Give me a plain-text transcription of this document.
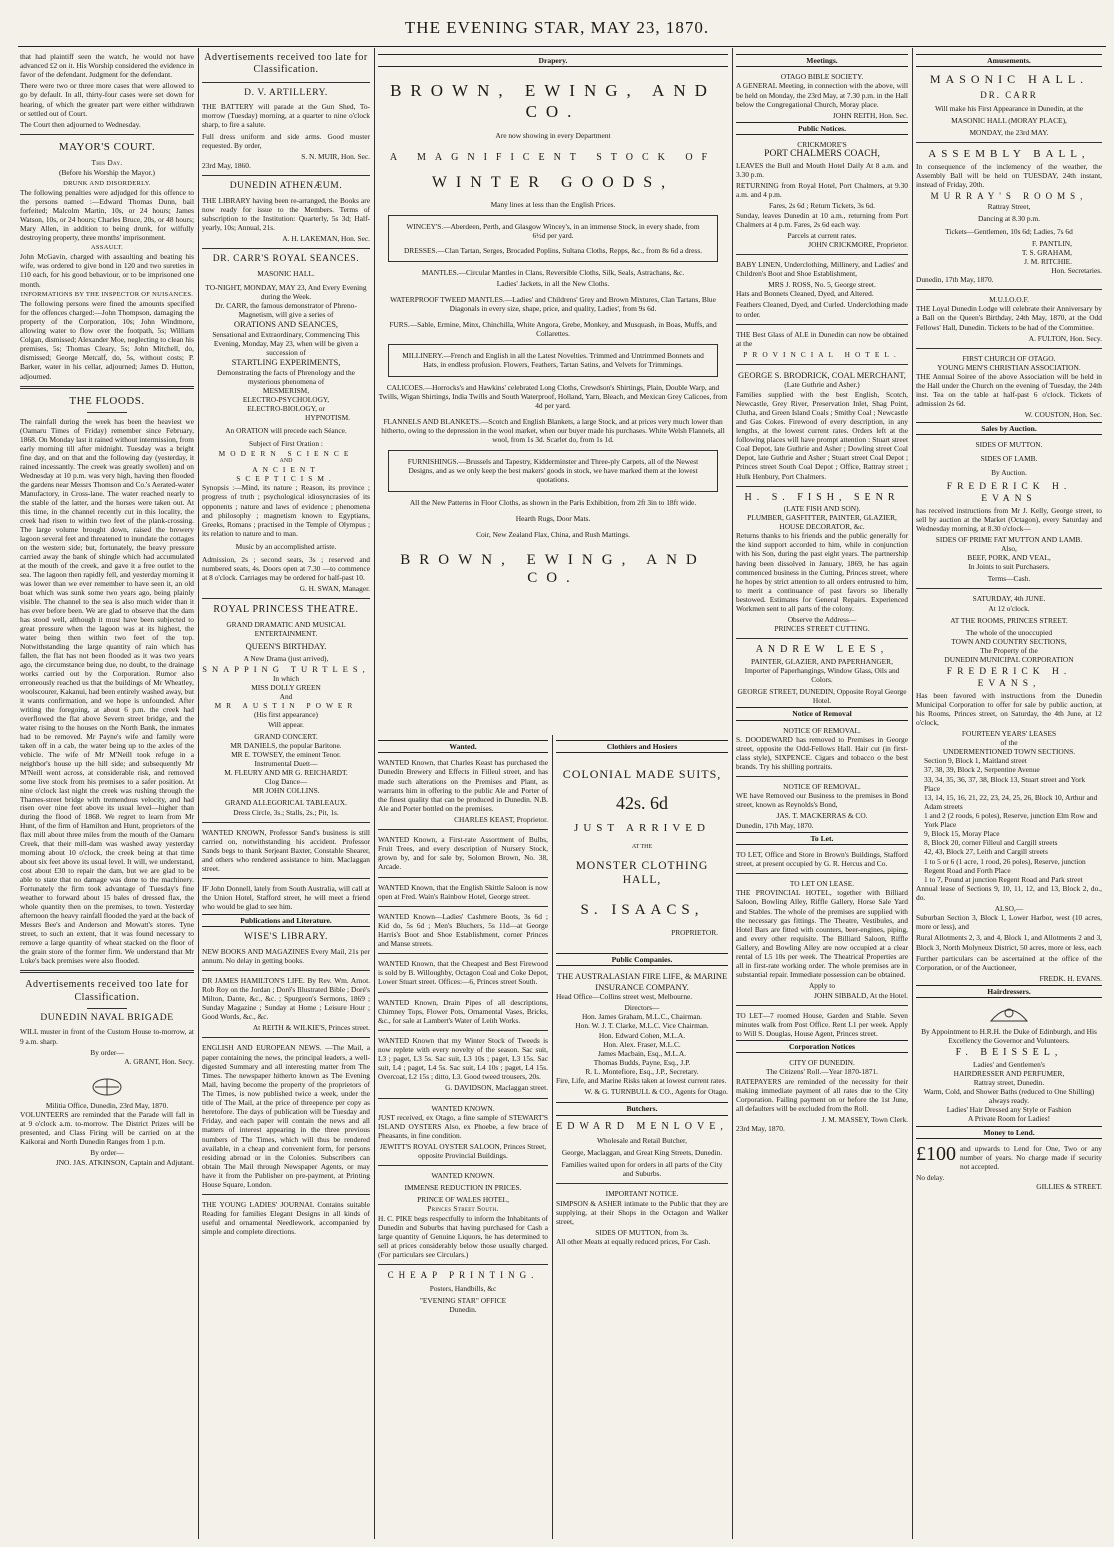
THE EVENING STAR, MAY 23, 1870.

that had plaintiff seen the watch, he would not have advanced £2 on it. His Worship considered the evidence in favor of the defendant. Judgment for the defendant.

There were two or three more cases that were allowed to go by default. In all, thirty-four cases were set down for hearing, of which the greater part were either withdrawn or settled out of Court.

The Court then adjourned to Wednesday.

MAYOR'S COURT.
This Day.
(Before his Worship the Mayor.)
DRUNK AND DISORDERLY.

The following penalties were adjudged for this offence to the persons named :—Edward Thomas Dunn, bail forfeited; Malcolm Martin, 10s, or 24 hours; James Watson, 10s, or 24 hours; Charles Bruce, 20s, or 48 hours; Mary Allen, in addition to being drunk, for wilfully destroying property, three months' imprisonment.

ASSAULT.

John McGavin, charged with assaulting and beating his wife, was ordered to give bond in 120 and two sureties in 110 each, for his good behaviour, or to be imprisoned one month.

INFORMATIONS BY THE INSPECTOR OF NUISANCES.

The following persons were fined the amounts specified for the offences charged:—John Thompson, damaging the property of the Corporation, 10s; John Windmore, allowing water to flow over the footpath, 5s; William Colgan, dismissed; Alexander Moe, neglecting to clean his premises, 5s; Thomas Cleary, 5s; John Mitchell, do, dismissed; George Metcalf, do, 5s, without costs; P. Barker, water in his cellar, adjourned; James D. Hutton, adjourned.

THE FLOODS.

The rainfall during the week has been the heaviest we (Oamaru Times of Friday) remember since February, 1868. On Monday last it rained without intermission, from early morning till after midnight. Tuesday was a bright fine day, and on that and the following day (yesterday, it rained incessantly. The creek was greatly swollen) and on Wednesday at 10 p.m. was very high, having then flooded the gardens near Messrs Thomson and Co.'s Aerated-water Manufactory, in Cross-lane. The water reached nearly to the stable of the latter, and the horses were taken out. At this time, in the channel recently cut in this locality, the creek had risen to within two feet of the plank-crossing. The large volume brought down, raised the brewery lagoon several feet and threatened to inundate the cottages on the western side; but, fortunately, the heavy pressure carried away the bank of shingle which had accumulated at the mouth of the creek, and gave it a free outlet to the sea. The lagoon then rapidly fell, and yesterday morning it was lower than we ever remember to have seen it, an old boat which was sunk some two years ago, being plainly visible. The channel to the sea is also much wider than it has ever before been. We are glad to observe that the dam has stood well, although it must have been subjected to great pressure when the lagoon was at its highest, the water being then within two feet of the top. Notwithstanding the large quantity of rain which has fallen, the flat has not been flooded as it was two years ago, the circumstance being due, no doubt, to the drainage works carried out by the Corporation. Rumor also erroneously reached us that the buildings of Mr Wheatley, woolscourer, Kakanui, had been entirely washed away, but it wants confirmation, and we hope is unfounded. After writing the foregoing, at about 6 p.m. the creek had overflowed the flat above Severn street bridge, and the water rising to the houses on the North Bank, the inmates had to be removed. Mr Payne's wife and family were taken off in a cab, the water being up to the axles of the vehicle. The wife of Mr M'Neill took refuge in a neighbor's house up the hill side; and subsequently Mr M'Neill went across, at considerable risk, and removed some live stock from his premises to a safer position. At nine o'clock last night the creek was rushing through the Thames-street bridge with tremendous velocity, and had risen over nine feet above its usual level—higher than during the flood of 1868. We regret to learn from Mr Hunt, of the firm of Hamilton and Hunt, proprietors of the flax mill about three miles from the mouth of the Oamaru Creek, that their mill-dam was washed away yesterday morning about 10 o'clock, the creek being at that time about six feet above its usual level. It will, we understand, cost about £30 to repair the dam, but we are glad to be able to state that no damage was done to the machinery. Fortunately the firm took advantage of Tuesday's fine weather to forward about 15 bales of dressed flax, the whole quantity then on the premises, to town. Yesterday afternoon the heavy rainfall flooded the yard at the back of Messrs Bee's and Anderson and Mowatt's stores. Tyne street, to such an extent, that it was found necessary to remove a large quantity of wheat stacked on the floor of the grain store of the former firm. We understand that Mr Luke's back premises were also flooded.

Advertisements received too late for Classification.
DUNEDIN NAVAL BRIGADE

WILL muster in front of the Custom House to-morrow, at 9 a.m. sharp.

By order—
A. GRANT, Hon. Secy.
Militia Office, Dunedin, 23rd May, 1870.

VOLUNTEERS are reminded that the Parade will fall in at 9 o'clock a.m. to-morrow. The District Prizes will be presented, and Class Firing will be carried on at the Kaikorai and North Dunedin Ranges from 1 p.m.

By order—
JNO. JAS. ATKINSON, Captain and Adjutant.
Advertisements received too late for Classification.
D. V. ARTILLERY.

THE BATTERY will parade at the Gun Shed, To-morrow (Tuesday) morning, at a quarter to nine o'clock sharp, to fire a salute.

Full dress uniform and side arms. Good muster requested. By order,

S. N. MUIR, Hon. Sec.
23rd May, 1860.
DUNEDIN ATHENÆUM.

THE LIBRARY having been re-arranged, the Books are now ready for issue to the Members. Terms of subscription to the Institution: Quarterly, 5s 3d; Half-yearly, 10s; Annual, 21s.

A. H. LAKEMAN, Hon. Sec.
DR. CARR'S ROYAL SEANCES.
MASONIC HALL.
TO-NIGHT, MONDAY, MAY 23, And Every Evening during the Week.
Dr. CARR, the famous demonstrator of Phreno-Magnetism, will give a series of
ORATIONS AND SEANCES,
Sensational and Extraordinary, Commencing This Evening, Monday, May 23, when will be given a succession of
STARTLING EXPERIMENTS,
Demonstrating the facts of Phrenology and the mysterious phenomena of
MESMERISM,
ELECTRO-PSYCHOLOGY,
ELECTRO-BIOLOGY, or
HYPNOTISM.
An ORATION will precede each Séance.
Subject of First Oration :
MODERN SCIENCE
AND
ANCIENT SCEPTICISM.

Synopsis :—Mind, its nature ; Reason, its province ; progress of truth ; psychological idiosyncrasies of its opponents ; nature and laws of evidence ; phenomena and philosophy ; magnetism known to Egyptians, Greeks, Romans ; practised in the Temple of Olympus ; its relation to nature and to man.

Music by an accomplished artiste.

Admission, 2s ; second seats, 3s ; reserved and numbered seats, 4s. Doors open at 7.30 —to commence at 8 o'clock. Carriages may be ordered for half-past 10.

G. H. SWAN, Manager.
ROYAL PRINCESS THEATRE.
GRAND DRAMATIC AND MUSICAL ENTERTAINMENT.
QUEEN'S BIRTHDAY.
A New Drama (just arrived),
SNAPPING TURTLES,
In which
MISS DOLLY GREEN
And
MR AUSTIN POWER
(His first appearance)
Will appear.
GRAND CONCERT.
MR DANIELS, the popular Baritone.
MR E. TOWSEY, the eminent Tenor.
Instrumental Duett—
M. FLEURY AND MR G. REICHARDT.
Clog Dance—
MR JOHN COLLINS.
GRAND ALLEGORICAL TABLEAUX.
Dress Circle, 3s.; Stalls, 2s.; Pit, 1s.

WANTED KNOWN, Professor Sand's business is still carried on, notwithstanding his accident. Professor Sands begs to thank Serjeant Baxter, Constable Shearer, and others who rendered assistance to him. Maclaggan street.

IF John Donnell, lately from South Australia, will call at the Union Hotel, Stafford street, he will meet a friend who would be glad to see him.

Publications and Literature.
WISE'S LIBRARY.

NEW BOOKS AND MAGAZINES Every Mail, 21s per annum. No delay in getting books.

DR JAMES HAMILTON'S LIFE. By Rev. Wm. Arnot. Rob Roy on the Jordan ; Doré's Illustrated Bible ; Doré's Milton, Dante, &c., &c. ; Spurgeon's Sermons, 1869 ; Sunday Magazine ; Sunday at Home ; Leisure Hour ; Good Words, &c., &c.

At REITH & WILKIE'S, Princes street.

ENGLISH AND EUROPEAN NEWS. —The Mail, a paper containing the news, the principal leaders, a well-digested Summary and all interesting matter from The Times. The newspaper hitherto known as The Evening Mail, having become the property of the proprietors of The Times, is now published twice a week, under the title of The Mail, at the price of threepence per copy as heretofore. The days of publication will be Tuesday and Friday, and each paper will contain the news and all matters of interest appearing in the three previous numbers of The Times, which will thus be rendered available, in a cheap and convenient form, for persons residing abroad or in the Colonies. Subscribers can obtain The Mail through Newspaper Agents, or may have it from the Publisher on pre-payment, at Printing House Square, London.

THE YOUNG LADIES' JOURNAL Contains suitable Reading for families Elegant Designs in all kinds of useful and ornamental Needlework, accompanied by simple and complete directions.

Drapery.
BROWN, EWING, AND CO.
Are now showing in every Department
A MAGNIFICENT STOCK OF
WINTER GOODS,
Many lines at less than the English Prices.
WINCEY'S.—Aberdeen, Perth, and Glasgow Wincey's, in an immense Stock, in every shade, from 6½d per yard.
DRESSES.—Clan Tartan, Serges, Brocaded Poplins, Sultana Cloths, Repps, &c., from 8s 6d a dress.

MANTLES.—Circular Mantles in Clans, Reversible Cloths, Silk, Seals, Astrachans, &c.

Ladies' Jackets, in all the New Cloths.

WATERPROOF TWEED MANTLES.—Ladies' and Childrens' Grey and Brown Mixtures, Clan Tartans, Blue Diagonals in every size, shape, price, and quality, Ladies', from 9s 6d.

FURS.—Sable, Ermine, Minx, Chinchilla, White Angora, Grebe, Monkey, and Musquash, in Boas, Muffs, and Collarettes.

MILLINERY.—French and English in all the Latest Novelties. Trimmed and Untrimmed Bonnets and Hats, in endless profusion. Flowers, Feathers, Tartan Satins, and Velvets for Trimmings.

CALICOES.—Horrocks's and Hawkins' celebrated Long Cloths, Crewdson's Shirtings, Plain, Double Warp, and Twills, Wigan Shirtings, India Twills and South Waterproof, Holland, Yarn, Bleach, and Mexican Grey Calicoes, from 4d per yard.

FLANNELS AND BLANKETS.—Scotch and English Blankets, a large Stock, and at prices very much lower than hitherto, owing to the depression in the wool market, when our buyer made his purchases. White Welsh Flannels, all wool, from 1s 3d. Scarlet do, from 1s 1d.

FURNISHINGS.—Brussels and Tapestry, Kidderminster and Three-ply Carpets, all of the Newest Designs, and as we only keep the best makers' goods in stock, we have marked them at the lowest quotations.

All the New Patterns in Floor Cloths, as shown in the Paris Exhibition, from 2ft 3in to 18ft wide.

Hearth Rugs, Door Mats.

Coir, New Zealand Flax, China, and Rush Mattings.

BROWN, EWING, AND CO.
Wanted.

WANTED Known, that Charles Keast has purchased the Dunedin Brewery and Effects in Filleul street, and has made such alterations on the Premises and Plant, as warrants him in offering to the public Ale and Porter of the finest quality that can be produced in Dunedin. N.B. Ale and Porter bottled on the premises.

CHARLES KEAST, Proprietor.

WANTED Known, a First-rate Assortment of Bulbs, Fruit Trees, and every description of Nursery Stock, grown by, and for sale by, Solomon Brown, No. 38, Arcade.

WANTED Known, that the English Skittle Saloon is now open at Fred. Wain's Rainbow Hotel, George street.

WANTED Known—Ladies' Cashmere Boots, 3s 6d ; Kid do, 5s 6d ; Men's Bluchers, 5s 11d—at George Harris's Boot and Shoe Establishment, corner Princes and Manse streets.

WANTED Known, that the Cheapest and Best Firewood is sold by B. Willoughby, Octagon Coal and Coke Depot, Lower Stuart street. Offices:—6, Princes street South.

WANTED Known, Drain Pipes of all descriptions, Chimney Tops, Flower Pots, Ornamental Vases, Bricks, &c., for sale at Lambert's Water of Leith Works.

WANTED Known that my Winter Stock of Tweeds is now replete with every novelty of the season. Sac suit, L3 ; paget, L3 5s. Sac suit, L3 10s ; paget, L3 15s. Sac suit, L4 ; paget, L4 5s. Sac suit, L4 10s ; paget, L4 15s. Overcoat, L2 15s ; ditto, L3. Good tweed trousers, 20s.

G. DAVIDSON, Maclaggan street.
WANTED KNOWN.

JUST received, ex Otago, a fine sample of STEWART'S ISLAND OYSTERS Also, ex Phoebe, a few brace of Pheasants, in fine condition.

JEWITT'S ROYAL OYSTER SALOON, Princes Street, opposite Provincial Buildings.

WANTED KNOWN.
IMMENSE REDUCTION IN PRICES.
PRINCE OF WALES HOTEL,
Princes Street South.

H. C. PIKE begs respectfully to inform the Inhabitants of Dunedin and Suburbs that having purchased for Cash a large quantity of Genuine Liquors, he has determined to sell at prices considerably below those usually charged. (For particulars see Circulars.)

CHEAP PRINTING.
Posters, Handbills, &c
"EVENING STAR" OFFICE
Dunedin.
Clothiers and Hosiers
COLONIAL MADE SUITS,
42s. 6d
JUST ARRIVED
AT THE
MONSTER CLOTHING HALL,
S. ISAACS,
PROPRIETOR.
Public Companies.
THE AUSTRALASIAN FIRE LIFE, & MARINE INSURANCE COMPANY.

Head Office—Collins street west, Melbourne.

Directors—
Hon. James Graham, M.L.C., Chairman.
Hon. W. J. T. Clarke, M.L.C. Vice Chairman.
Hon. Edward Cohen, M.L.A.
Hon. Alex. Fraser, M.L.C.
James Macbain, Esq., M.L.A.
Thomas Budds, Payne, Esq., J.P.
R. L. Montefiore, Esq., J.P., Secretary.

Fire, Life, and Marine Risks taken at lowest current rates.

W. & G. TURNBULL & CO., Agents for Otago.
Butchers.
EDWARD MENLOVE,
Wholesale and Retail Butcher,
George, Maclaggan, and Great King Streets, Dunedin.
Families waited upon for orders in all parts of the City and Suburbs.
IMPORTANT NOTICE.

SIMPSON & ASHER intimate to the Public that they are supplying, at their Shops in the Octagon and Walker street,

SIDES OF MUTTON, from 3s.

All other Meats at equally reduced prices, For Cash.

Meetings.
OTAGO BIBLE SOCIETY.

A GENERAL Meeting, in connection with the above, will be held on Monday, the 23rd May, at 7.30 p.m. in the Hall below the Congregational Church, Moray place.

JOHN REITH, Hon. Sec.
Public Notices.
CRICKMORE'S
PORT CHALMERS COACH,

LEAVES the Bull and Mouth Hotel Daily At 8 a.m. and 3.30 p.m.

RETURNING from Royal Hotel, Port Chalmers, at 9.30 a.m. and 4 p.m.

Fares, 2s 6d ; Return Tickets, 3s 6d.

Sunday, leaves Dunedin at 10 a.m., returning from Port Chalmers at 4 p.m. Fares, 2s 6d each way.

Parcels at current rates.
JOHN CRICKMORE, Proprietor.

BABY LINEN, Underclothing, Millinery, and Ladies' and Children's Boot and Shoe Establishment,

MRS J. ROSS, No. 5, George street.

Hats and Bonnets Cleaned, Dyed, and Altered.

Feathers Cleaned, Dyed, and Curled. Underclothing made to order.

THE Best Glass of ALE in Dunedin can now be obtained at the

PROVINCIAL HOTEL.
GEORGE S. BRODRICK, COAL MERCHANT,
(Late Guthrie and Asher.)

Families supplied with the best English, Scotch, Newcastle, Grey River, Preservation Inlet, Shag Point, Clutha, and Green Island Coals ; Smithy Coal ; Newcastle and Gas Cokes. Firewood of every description, in any lengths, at the lowest current rates. Orders left at the following places will have prompt attention : Stuart street Coal Depot, late Guthrie and Asher ; Dowling street Coal Depot, late Guthrie and Asher ; Stuart street Coal Depot ; Princes street South Coal Depot ; Office, Rattray street ; Hulk Henbury, Port Chalmers.

H. S. FISH, SENR
(LATE FISH AND SON).
PLUMBER, GASFITTER, PAINTER, GLAZIER, HOUSE DECORATOR, &c.

Returns thanks to his friends and the public generally for the kind support accorded to him, while in conjunction with his Son, during the past eight years. The partnership having been dissolved in January, 1869, he has again commenced business in the Cutting, Princes street, where he hopes by strict attention to all orders entrusted to him, to merit a continuance of past favors so liberally bestowed. Estimates for General Repairs. Experienced Workmen sent to all parts of the colony.

Observe the Address—
PRINCES STREET CUTTING.
ANDREW LEES,
PAINTER, GLAZIER, AND PAPERHANGER,
Importer of Paperhangings, Window Glass, Oils and Colors.
GEORGE STREET, DUNEDIN, Opposite Royal George Hotel.
Notice of Removal
NOTICE OF REMOVAL.

S. DOODEWARD has removed to Premises in George street, opposite the Odd-Fellows Hall. Hair cut (in first-class style), SIXPENCE. Cigars and tobacco o the best brands. Try his shilling portraits.

NOTICE OF REMOVAL.

WE have Removed our Business to the premises in Bond street, known as Reynolds's Bond,

JAS. T. MACKERRAS & CO.
Dunedin, 17th May, 1870.
To Let.

TO LET, Office and Store in Brown's Buildings, Stafford street, at present occupied by G. R. Hercus and Co.

TO LET ON LEASE.

THE PROVINCIAL HOTEL, together with Billiard Saloon, Bowling Alley, Riffle Gallery, Horse Sale Yard and Stables. The whole of the premises are supplied with the necessary gas fittings. The Theatre, Vestibules, and Hotel Bars are fitted with counters, beer-engines, piping, and every other requisite. The Billiard Saloon, Riffle Gallery, and Bowling Alley are now occupied at a clear rental of L5 10s per week. The Theatrical Properties are all in first-rate working order. The whole premises are in substantial repair. Immediate possession can be obtained.

Apply to
JOHN SIBBALD, At the Hotel.

TO LET—7 roomed House, Garden and Stable. Seven minutes walk from Post Office. Rent L1 per week. Apply to Will S. Douglas, House Agent, Princes street.

Corporation Notices
CITY OF DUNEDIN.
The Citizens' Roll.—Year 1870-1871.

RATEPAYERS are reminded of the necessity for their making immediate payment of all rates due to the City Corporation. Failing payment on or before the 1st June, all defaulters will be excluded from the Roll.

J. M. MASSEY, Town Clerk.
23rd May, 1870.
Amusements.
MASONIC HALL.
DR. CARR
Will make his First Appearance in Dunedin, at the
MASONIC HALL (MORAY PLACE),
MONDAY, the 23rd MAY.
ASSEMBLY BALL,

In consequence of the inclemency of the weather, the Assembly Ball will be held on TUESDAY, 24th instant, instead of Friday, 20th.

MURRAY'S ROOMS,
Rattray Street,
Dancing at 8.30 p.m.
Tickets—Gentlemen, 10s 6d; Ladies, 7s 6d
F. PANTLIN,
T. S. GRAHAM,
J. M. RITCHIE.
Hon. Secretaries.
Dunedin, 17th May, 1870.
M.U.I.O.O.F.

THE Loyal Dunedin Lodge will celebrate their Anniversary by a Ball on the Queen's Birthday, 24th May, 1870, at the Odd Fellows' Hall, Dunedin. Tickets to be had of the Committee.

A. FULTON, Hon. Secy.
FIRST CHURCH OF OTAGO.
YOUNG MEN'S CHRISTIAN ASSOCIATION.

THE Annual Soiree of the above Association will be held in the Hall under the Church on the evening of Tuesday, the 24th inst. Tea on the table at half-past 6 o'clock. Tickets of admission 2s 6d.

W. COUSTON, Hon. Sec.
Sales by Auction.
SIDES OF MUTTON.
SIDES OF LAMB.
By Auction.
FREDERICK H. EVANS

has received instructions from Mr J. Kelly, George street, to sell by auction at the Market (Octagon), every Saturday and Wednesday morning, at 8.30 o'clock—

SIDES OF PRIME FAT MUTTON AND LAMB.
Also,
BEEF, PORK, AND VEAL,
In Joints to suit Purchasers.
Terms—Cash.
SATURDAY, 4th JUNE.
At 12 o'clock.
AT THE ROOMS, PRINCES STREET.
The whole of the unoccupied
TOWN AND COUNTRY SECTIONS,
The Property of the
DUNEDIN MUNICIPAL CORPORATION
FREDERICK H. EVANS,

Has been favored with instructions from the Dunedin Municipal Corporation to offer for sale by public auction, at his Rooms, Princes street, on Saturday, the 4th June, at 12 o'clock,

FOURTEEN YEARS' LEASES
of the
UNDERMENTIONED TOWN SECTIONS.
Section 9, Block 1, Maitland street
37, 38, 39, Block 2, Serpentine Avenue
33, 34, 35, 36, 37, 38, Block 13, Stuart street and York Place
13, 14, 15, 16, 21, 22, 23, 24, 25, 26, Block 10, Arthur and Adam streets
1 and 2 (2 roods, 6 poles), Reserve, junction Elm Row and York Place
9, Block 15, Moray Place
8, Block 20, corner Filleul and Cargill streets
42, 43, Block 27, Leith and Cargill streets
1 to 5 or 6 (1 acre, 1 rood, 26 poles), Reserve, junction Regent Road and Forth Place
1 to 7, Pound at junction Regent Road and Park street

Annual lease of Sections 9, 10, 11, 12, and 13, Block 2, do., do.

ALSO,—

Suburban Section 3, Block 1, Lower Harbor, west (10 acres, more or less), and

Rural Allotments 2, 3, and 4, Block 1, and Allotments 2 and 3, Block 3, North Molyneux District, 50 acres, more or less, each

Further particulars can be ascertained at the office of the Corporation, or of the Auctioneer,

FREDK. H. EVANS.
Hairdressers.

By Appointment to H.R.H. the Duke of Edinburgh, and His Excellency the Governor and Volunteers.

F. BEISSEL,
Ladies' and Gentlemen's
HAIRDRESSER AND PERFUMER,
Rattray street, Dunedin.
Warm, Cold, and Shower Baths (reduced to One Shilling) always ready.
Ladies' Hair Dressed any Style or Fashion
A Private Room for Ladies!
Money to Lend.
£100 and upwards to Lend for One, Two or any number of years. No charge made if security not accepted.

No delay.
GILLIES & STREET.
